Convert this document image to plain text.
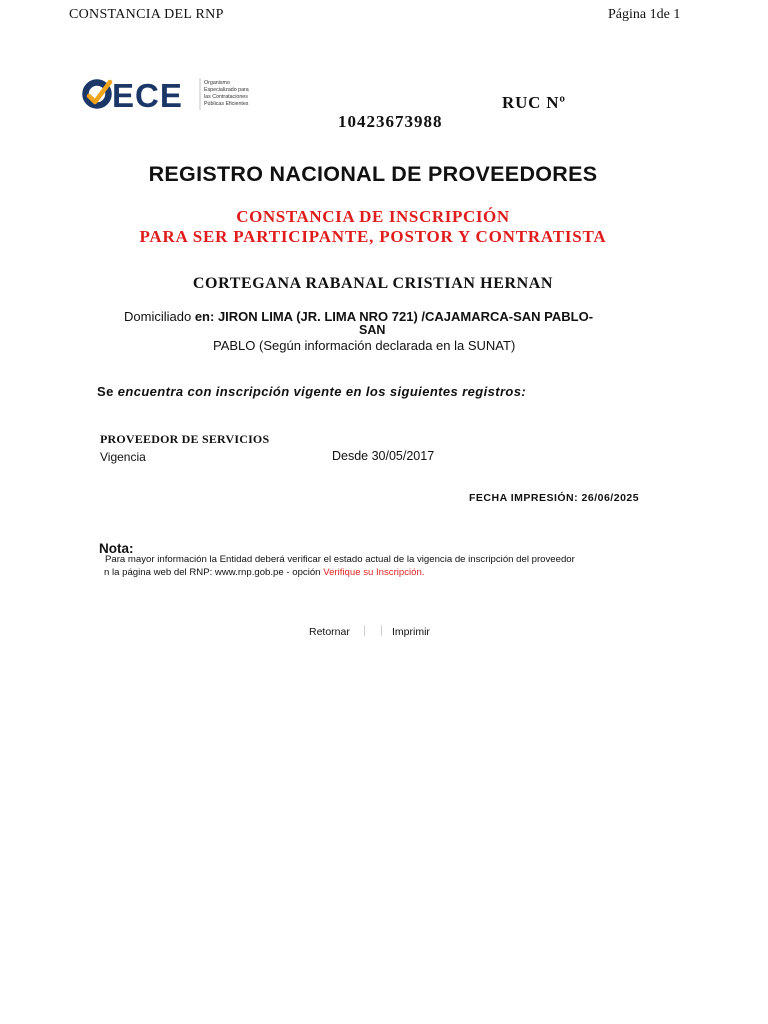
CONSTANCIA DEL RNP	Página 1de 1
ECE	Organismo
Especializado para
las Contrataciones
Públicas Eficientes	RUC Nº
10423673988
REGISTRO NACIONAL DE PROVEEDORES
CONSTANCIA DE INSCRIPCIÓN
PARA SER PARTICIPANTE, POSTOR Y CONTRATISTA
CORTEGANA RABANAL CRISTIAN HERNAN
Domiciliado en: JIRON LIMA (JR. LIMA NRO 721) /CAJAMARCA-SAN PABLO-
SAN
PABLO (Según información declarada en la SUNAT)
Se encuentra con inscripción vigente en los siguientes registros:
PROVEEDOR DE SERVICIOS
Vigencia	Desde 30/05/2017
FECHA IMPRESIÓN: 26/06/2025
Nota:
Para mayor información la Entidad deberá verificar el estado actual de la vigencia de inscripción del proveedor
n la página web del RNP: www.rnp.gob.pe - opción Verifique su Inscripción.
Retornar	Imprimir
